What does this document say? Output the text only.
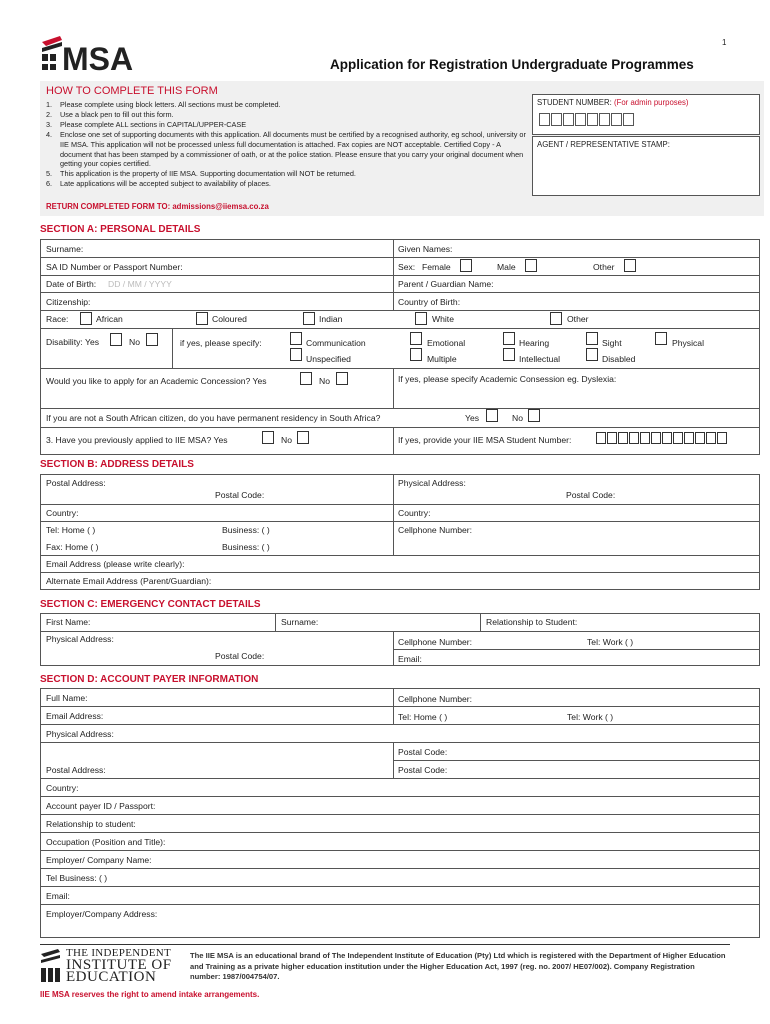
MSA	1
Application for Registration Undergraduate Programmes
HOW TO COMPLETE THIS FORM
1.	Please complete using block letters. All sections must be completed.
2.	Use a black pen to fill out this form.
3.	Please complete ALL sections in CAPITAL/UPPER-CASE
4.	Enclose one set of supporting documents with this application. All documents must be certified by a recognised authority, eg school, university or IIE MSA. This application will not be processed unless full documentation is attached. Fax copies are NOT acceptable. Certified Copy - A document that has been stamped by a commissioner of oath, or at the police station. Please ensure that you carry your original document when getting your copies certified.
5.	This application is the property of IIE MSA. Supporting documentation will NOT be returned.
6.	Late applications will be accepted subject to availability of places.
RETURN COMPLETED FORM TO: admissions@iiemsa.co.za
STUDENT NUMBER: (For admin purposes)
AGENT / REPRESENTATIVE STAMP:
SECTION A: PERSONAL DETAILS
Surname:	Given Names:
SA ID Number or Passport Number:	Sex: Female	Male	Other
Date of Birth: DD / MM / YYYY	Parent / Guardian Name:
Citizenship:	Country of Birth:
Race:	African	Coloured	Indian	White	Other
Disability: Yes	No	if yes, please specify:	Communication	Emotional	Hearing	Sight	Physical
Unspecified	Multiple	Intellectual	Disabled
Would you like to apply for an Academic Concession? Yes	No	If yes, please specify Academic Consession eg. Dyslexia:
If you are not a South African citizen, do you have permanent residency in South Africa?	Yes	No
3. Have you previously applied to IIE MSA? Yes	No	If yes, provide your IIE MSA Student Number:
SECTION B: ADDRESS DETAILS
Postal Address:	Physical Address:
Postal Code:	Postal Code:
Country:	Country:
Tel: Home ( )	Business: ( )	Cellphone Number:
Fax: Home ( )	Business: ( )
Email Address (please write clearly):
Alternate Email Address (Parent/Guardian):
SECTION C: EMERGENCY CONTACT DETAILS
First Name:	Surname:	Relationship to Student:
Physical Address:	Cellphone Number:	Tel: Work ( )
Postal Code:	Email:
SECTION D: ACCOUNT PAYER INFORMATION
Full Name:	Cellphone Number:
Email Address:	Tel: Home ( )	Tel: Work ( )
Physical Address:
Postal Code:
Postal Address:	Postal Code:
Country:
Account payer ID / Passport:
Relationship to student:
Occupation (Position and Title):
Employer/ Company Name:
Tel Business: ( )
Email:
Employer/Company Address:
THE INDEPENDENT
INSTITUTE OF
EDUCATION
The IIE MSA is an educational brand of The Independent Institute of Education (Pty) Ltd which is registered with the Department of Higher Education and Training as a private higher education institution under the Higher Education Act, 1997 (reg. no. 2007/ HE07/002). Company Registration number: 1987/004754/07.
IIE MSA reserves the right to amend intake arrangements.
